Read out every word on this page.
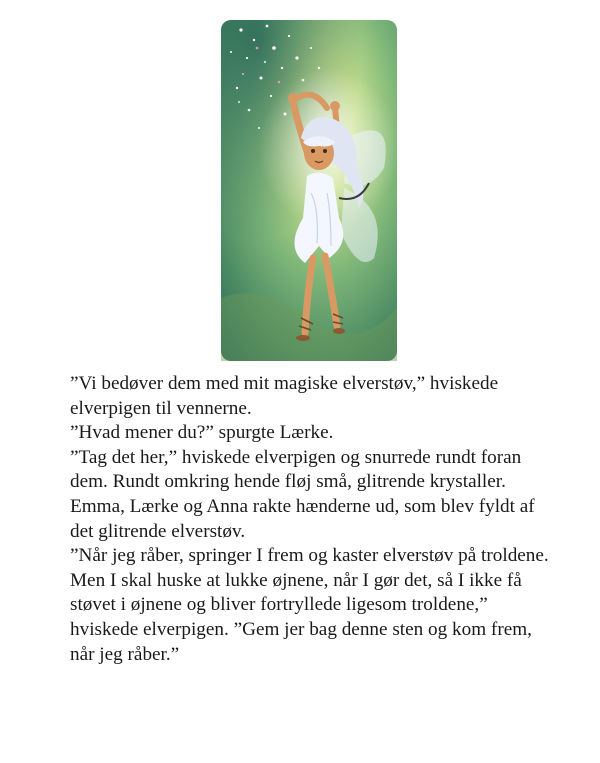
”Vi bedøver dem med mit magiske elverstøv,” hviskede elverpigen til vennerne.

”Hvad mener du?” spurgte Lærke.

”Tag det her,” hviskede elverpigen og snurrede rundt foran dem. Rundt omkring hende fløj små, glitrende krystaller. Emma, Lærke og Anna rakte hænderne ud, som blev fyldt af det glitrende elverstøv.

”Når jeg råber, springer I frem og kaster elverstøv på troldene. Men I skal huske at lukke øjnene, når I gør det, så I ikke få støvet i øjnene og bliver fortryllede ligesom troldene,” hviskede elverpigen. ”Gem jer bag denne sten og kom frem, når jeg råber.”
